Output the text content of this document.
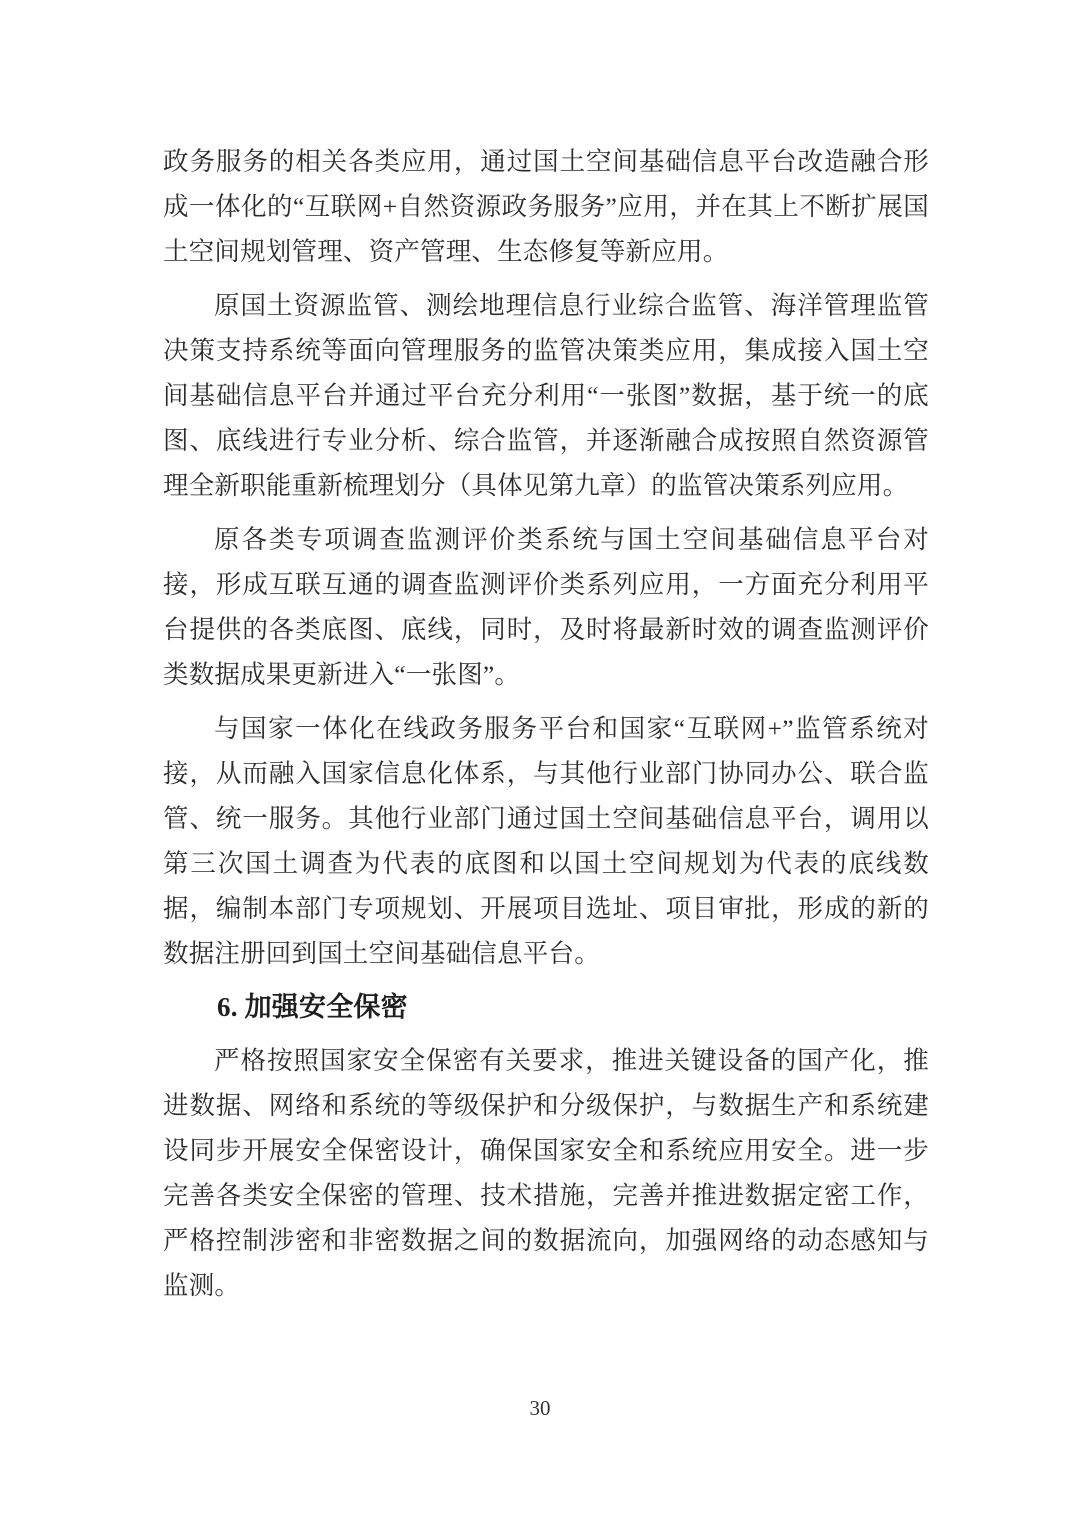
政务服务的相关各类应用，通过国土空间基础信息平台改造融合形成一体化的“互联网+自然资源政务服务”应用，并在其上不断扩展国土空间规划管理、资产管理、生态修复等新应用。

原国土资源监管、测绘地理信息行业综合监管、海洋管理监管决策支持系统等面向管理服务的监管决策类应用，集成接入国土空间基础信息平台并通过平台充分利用“一张图”数据，基于统一的底图、底线进行专业分析、综合监管，并逐渐融合成按照自然资源管理全新职能重新梳理划分（具体见第九章）的监管决策系列应用。

原各类专项调查监测评价类系统与国土空间基础信息平台对接，形成互联互通的调查监测评价类系列应用，一方面充分利用平台提供的各类底图、底线，同时，及时将最新时效的调查监测评价类数据成果更新进入“一张图”。

与国家一体化在线政务服务平台和国家“互联网+”监管系统对接，从而融入国家信息化体系，与其他行业部门协同办公、联合监管、统一服务。其他行业部门通过国土空间基础信息平台，调用以第三次国土调查为代表的底图和以国土空间规划为代表的底线数据，编制本部门专项规划、开展项目选址、项目审批，形成的新的数据注册回到国土空间基础信息平台。

6. 加强安全保密

严格按照国家安全保密有关要求，推进关键设备的国产化，推进数据、网络和系统的等级保护和分级保护，与数据生产和系统建设同步开展安全保密设计，确保国家安全和系统应用安全。进一步完善各类安全保密的管理、技术措施，完善并推进数据定密工作，严格控制涉密和非密数据之间的数据流向，加强网络的动态感知与监测。

30
